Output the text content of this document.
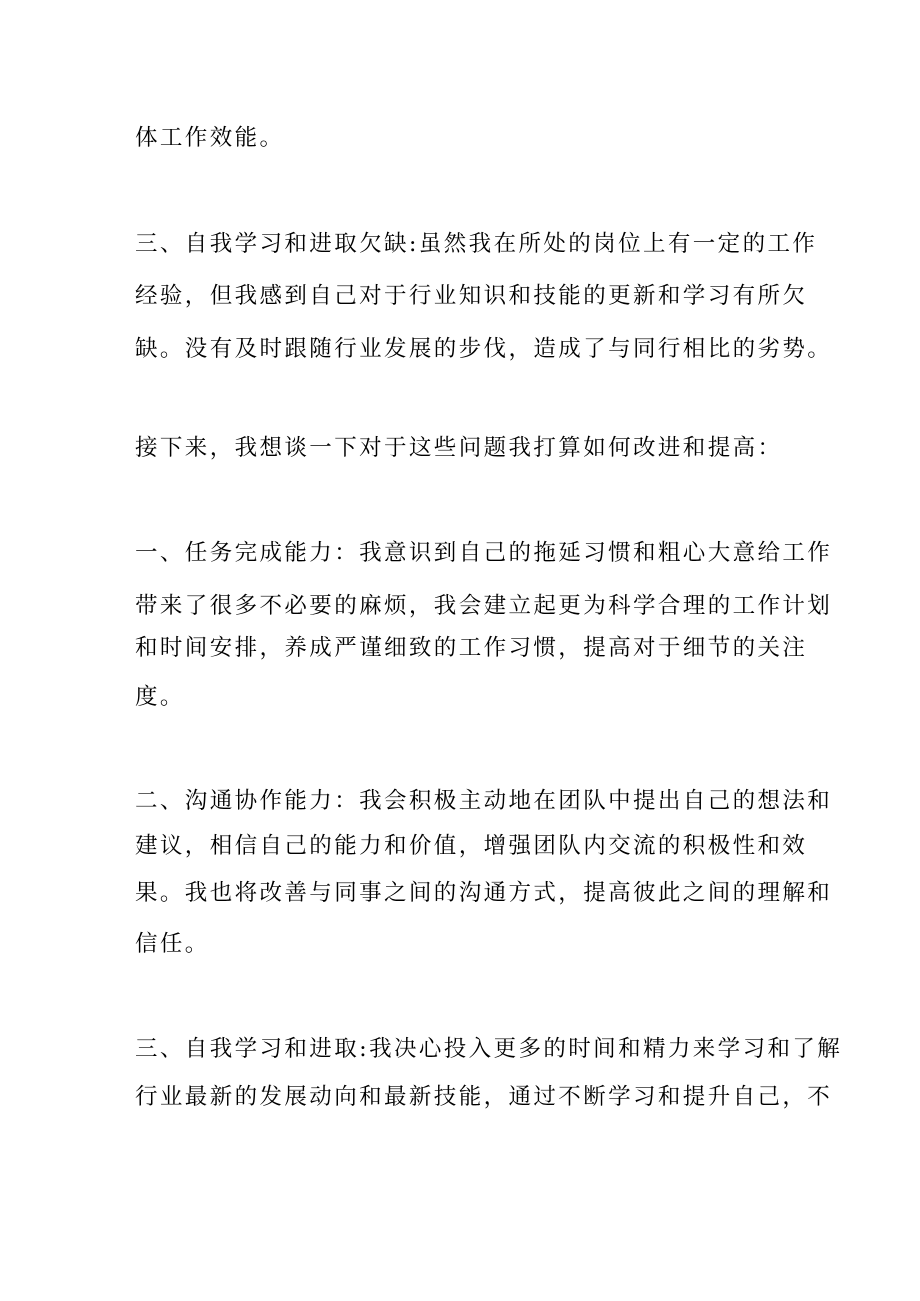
体工作效能。

三、自我学习和进取欠缺:虽然我在所处的岗位上有一定的工作

经验，但我感到自己对于行业知识和技能的更新和学习有所欠

缺。没有及时跟随行业发展的步伐，造成了与同行相比的劣势。

接下来，我想谈一下对于这些问题我打算如何改进和提高：

一、任务完成能力：我意识到自己的拖延习惯和粗心大意给工作

带来了很多不必要的麻烦，我会建立起更为科学合理的工作计划

和时间安排，养成严谨细致的工作习惯，提高对于细节的关注

度。

二、沟通协作能力：我会积极主动地在团队中提出自己的想法和

建议，相信自己的能力和价值，增强团队内交流的积极性和效

果。我也将改善与同事之间的沟通方式，提高彼此之间的理解和

信任。

三、自我学习和进取:我决心投入更多的时间和精力来学习和了解

行业最新的发展动向和最新技能，通过不断学习和提升自己，不
